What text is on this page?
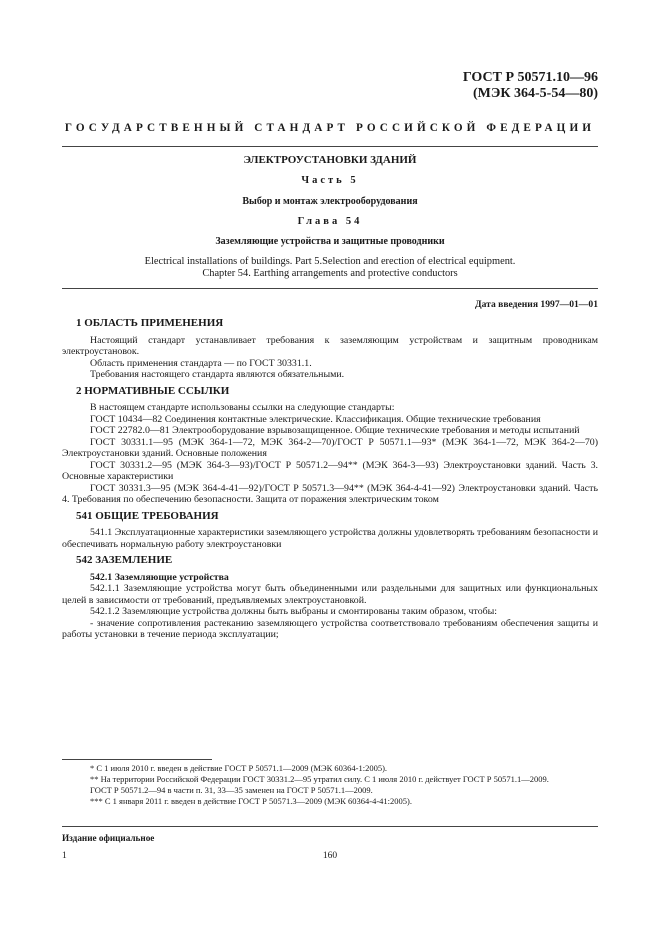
ГОСТ Р 50571.10—96
(МЭК 364-5-54—80)
ГОСУДАРСТВЕННЫЙ СТАНДАРТ РОССИЙСКОЙ ФЕДЕРАЦИИ
ЭЛЕКТРОУСТАНОВКИ ЗДАНИЙ
Часть 5
Выбор и монтаж электрооборудования
Глава 54
Заземляющие устройства и защитные проводники
Electrical installations of buildings. Part 5.Selection and erection of electrical equipment.
Chapter 54. Earthing arrangements and protective conductors
Дата введения 1997—01—01
1 ОБЛАСТЬ ПРИМЕНЕНИЯ

Настоящий стандарт устанавливает требования к заземляющим устройствам и защитным проводникам электроустановок.

Область применения стандарта — по ГОСТ 30331.1.

Требования настоящего стандарта являются обязательными.

2 НОРМАТИВНЫЕ ССЫЛКИ

В настоящем стандарте использованы ссылки на следующие стандарты:

ГОСТ 10434—82 Соединения контактные электрические. Классификация. Общие технические требования

ГОСТ 22782.0—81 Электрооборудование взрывозащищенное. Общие технические требования и методы испытаний

ГОСТ 30331.1—95 (МЭК 364-1—72, МЭК 364-2—70)/ГОСТ Р 50571.1—93* (МЭК 364-1—72, МЭК 364-2—70) Электроустановки зданий. Основные положения

ГОСТ 30331.2—95 (МЭК 364-3—93)/ГОСТ Р 50571.2—94** (МЭК 364-3—93) Электроустановки зданий. Часть 3. Основные характеристики

ГОСТ 30331.3—95 (МЭК 364-4-41—92)/ГОСТ Р 50571.3—94** (МЭК 364-4-41—92) Электроустановки зданий. Часть 4. Требования по обеспечению безопасности. Защита от поражения электрическим током

541 ОБЩИЕ ТРЕБОВАНИЯ

541.1 Эксплуатационные характеристики заземляющего устройства должны удовлетворять требованиям безопасности и обеспечивать нормальную работу электроустановки

542 ЗАЗЕМЛЕНИЕ
542.1 Заземляющие устройства

542.1.1 Заземляющие устройства могут быть объединенными или раздельными для защитных или функциональных целей в зависимости от требований, предъявляемых электроустановкой.

542.1.2 Заземляющие устройства должны быть выбраны и смонтированы таким образом, чтобы:

- значение сопротивления растеканию заземляющего устройства соответствовало требованиям обеспечения защиты и работы установки в течение периода эксплуатации;

* С 1 июля 2010 г. введен в действие ГОСТ Р 50571.1—2009 (МЭК 60364-1:2005).

** На территории Российской Федерации ГОСТ 30331.2—95 утратил силу. С 1 июля 2010 г. действует ГОСТ Р 50571.1—2009.

ГОСТ Р 50571.2—94 в части п. 31, 33—35 заменен на ГОСТ Р 50571.1—2009.

*** С 1 января 2011 г. введен в действие ГОСТ Р 50571.3—2009 (МЭК 60364-4-41:2005).

Издание официальное
1	160
